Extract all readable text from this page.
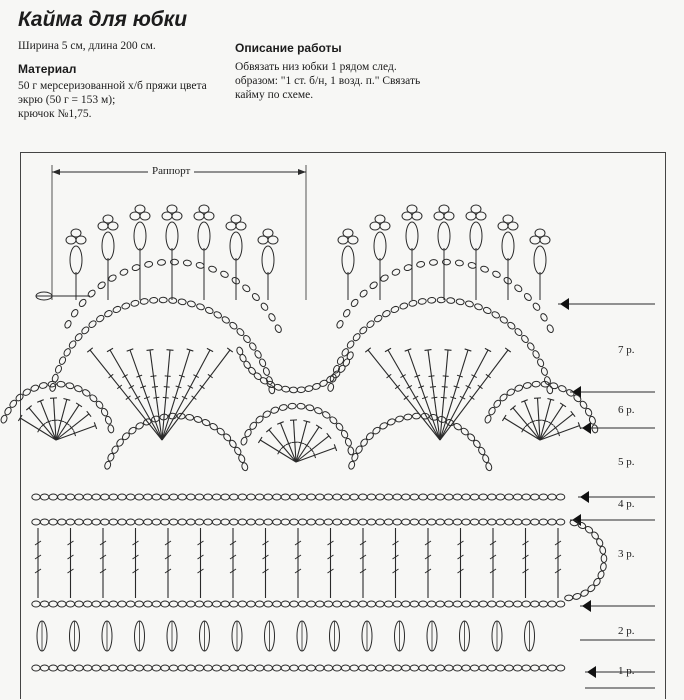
Кайма для юбки
Ширина 5 см, длина 200 см.
Материал
50 г мерсеризованной х/б пряжи цвета
экрю (50 г = 153 м);
крючок №1,75.
Описание работы
Обвязать низ юбки 1 рядом след.
образом: "1 ст. б/н, 1 возд. п." Связать
кайму по схеме.
Раппорт
1 р.
2 р.
3 р.
4 р.
5 р.
6 р.
7 р.
